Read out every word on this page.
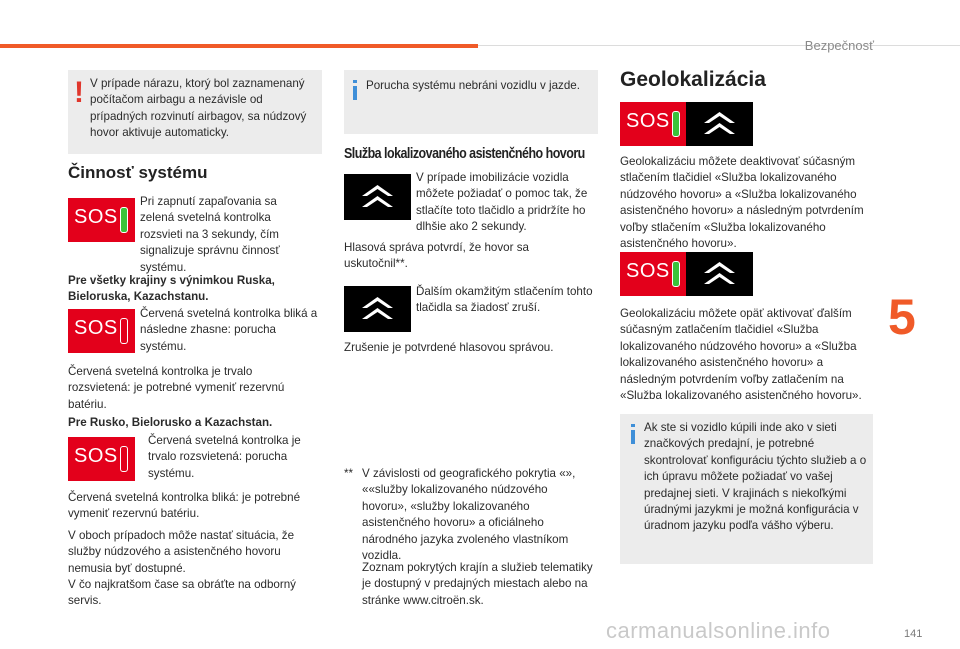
Bezpečnosť
5
141
! V prípade nárazu, ktorý bol zaznamenaný počítačom airbagu a nezávisle od prípadných rozvinutí airbagov, sa núdzový hovor aktivuje automaticky.
Činnosť systému
SOS
Pri zapnutí zapaľovania sa zelená svetelná kontrolka rozsvieti na 3 sekundy, čím signalizuje správnu činnosť systému.
Pre všetky krajiny s výnimkou Ruska, Bieloruska, Kazachstanu.
SOS
Červená svetelná kontrolka bliká a následne zhasne: porucha systému.
Červená svetelná kontrolka je trvalo rozsvietená: je potrebné vymeniť rezervnú batériu.
Pre Rusko, Bielorusko a Kazachstan.
SOS
Červená svetelná kontrolka je trvalo rozsvietená: porucha systému.
Červená svetelná kontrolka bliká: je potrebné vymeniť rezervnú batériu.
V oboch prípadoch môže nastať situácia, že služby núdzového a asistenčného hovoru nemusia byť dostupné.
V čo najkratšom čase sa obráťte na odborný servis.
Porucha systému nebráni vozidlu v jazde.
Služba lokalizovaného asistenčného hovoru
V prípade imobilizácie vozidla môžete požiadať o pomoc tak, že stlačíte toto tlačidlo a pridržíte ho dlhšie ako 2 sekundy.
Hlasová správa potvrdí, že hovor sa uskutočnil**.
Ďalším okamžitým stlačením tohto tlačidla sa žiadosť zruší.
Zrušenie je potvrdené hlasovou správou.
** V závislosti od geografického pokrytia «», ««služby lokalizovaného núdzového hovoru», «služby lokalizovaného asistenčného hovoru» a oficiálneho národného jazyka zvoleného vlastníkom vozidla.
Zoznam pokrytých krajín a služieb telematiky je dostupný v predajných miestach alebo na stránke www.citroën.sk.
Geolokalizácia
SOS
Geolokalizáciu môžete deaktivovať súčasným stlačením tlačidiel «Služba lokalizovaného núdzového hovoru» a «Služba lokalizovaného asistenčného hovoru» a následným potvrdením voľby stlačením «Služba lokalizovaného asistenčného hovoru».
SOS
Geolokalizáciu môžete opäť aktivovať ďalším súčasným zatlačením tlačidiel «Služba lokalizovaného núdzového hovoru» a «Služba lokalizovaného asistenčného hovoru» a následným potvrdením voľby zatlačením na «Služba lokalizovaného asistenčného hovoru».
Ak ste si vozidlo kúpili inde ako v sieti značkových predajní, je potrebné skontrolovať konfiguráciu týchto služieb a o ich úpravu môžete požiadať vo vašej predajnej sieti. V krajinách s niekoľkými úradnými jazykmi je možná konfigurácia v úradnom jazyku podľa vášho výberu.
carmanualsonline.info
